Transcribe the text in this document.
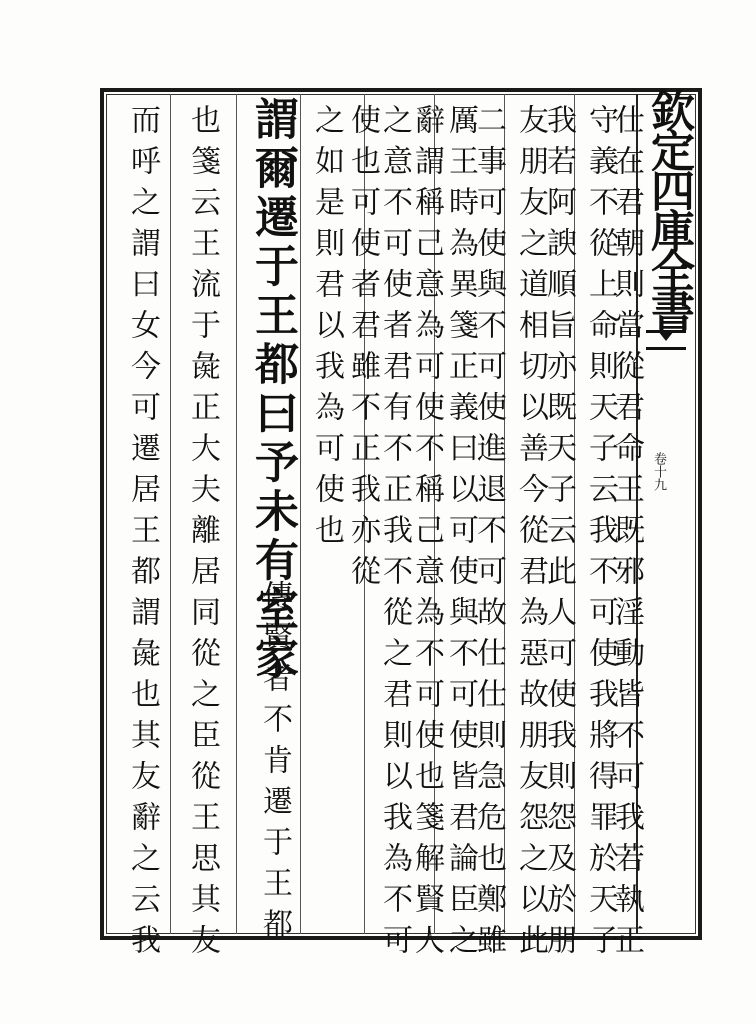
欽定四庫全書
卷十九
仕在君朝則當從君命王既邪淫動皆不可我若執正
守義不從上命則天子云我不可使我將得罪於天子
我若阿諛順旨亦既天子云此人可使我則怨及於朋
友朋友之道相切以善今從君為惡故朋友怨之以此
二事可使與不可使進退不可故仕仕則急危也鄭雖
厲王時為異箋正義曰以可使與不可使皆君論臣之
辭謂稱己意為可使不稱己意為不可使也箋解賢人
之意不可使者君有不正我不從之君則以我為不可
使也可使者君雖不正我亦從
之如是則君以我為可使也
謂爾遷于王都曰予未有室家
傳賢者不肯遷于王都
也箋云王流于彘正大夫離居同從之臣從王思其友
而呼之謂曰女今可遷居王都謂彘也其友辭之云我
